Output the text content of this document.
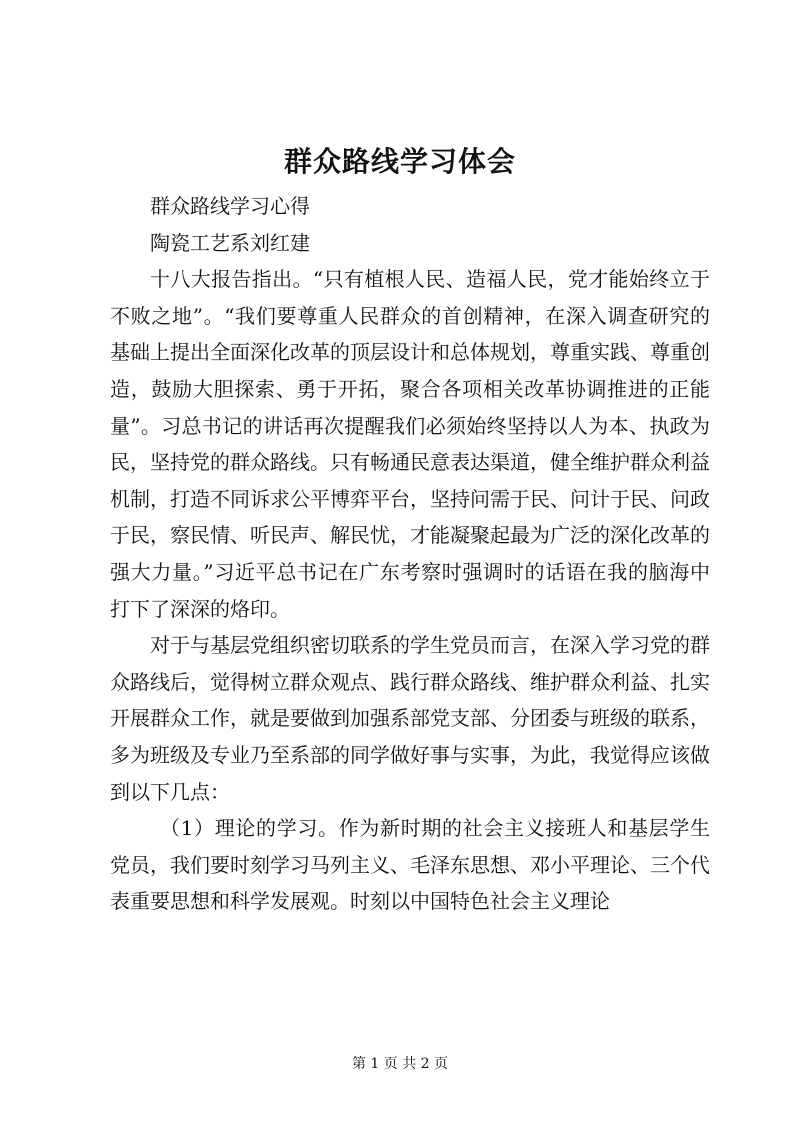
群众路线学习体会

群众路线学习心得

陶瓷工艺系刘红建

十八大报告指出。“只有植根人民、造福人民，党才能始终立于不败之地”。“我们要尊重人民群众的首创精神，在深入调查研究的基础上提出全面深化改革的顶层设计和总体规划，尊重实践、尊重创造，鼓励大胆探索、勇于开拓，聚合各项相关改革协调推进的正能量”。习总书记的讲话再次提醒我们必须始终坚持以人为本、执政为民，坚持党的群众路线。只有畅通民意表达渠道，健全维护群众利益机制，打造不同诉求公平博弈平台，坚持问需于民、问计于民、问政于民，察民情、听民声、解民忧，才能凝聚起最为广泛的深化改革的强大力量。”习近平总书记在广东考察时强调时的话语在我的脑海中打下了深深的烙印。

对于与基层党组织密切联系的学生党员而言，在深入学习党的群众路线后，觉得树立群众观点、践行群众路线、维护群众利益、扎实开展群众工作，就是要做到加强系部党支部、分团委与班级的联系，多为班级及专业乃至系部的同学做好事与实事，为此，我觉得应该做到以下几点：

（1）理论的学习。作为新时期的社会主义接班人和基层学生党员，我们要时刻学习马列主义、毛泽东思想、邓小平理论、三个代表重要思想和科学发展观。时刻以中国特色社会主义理论

第 1 页 共 2 页
